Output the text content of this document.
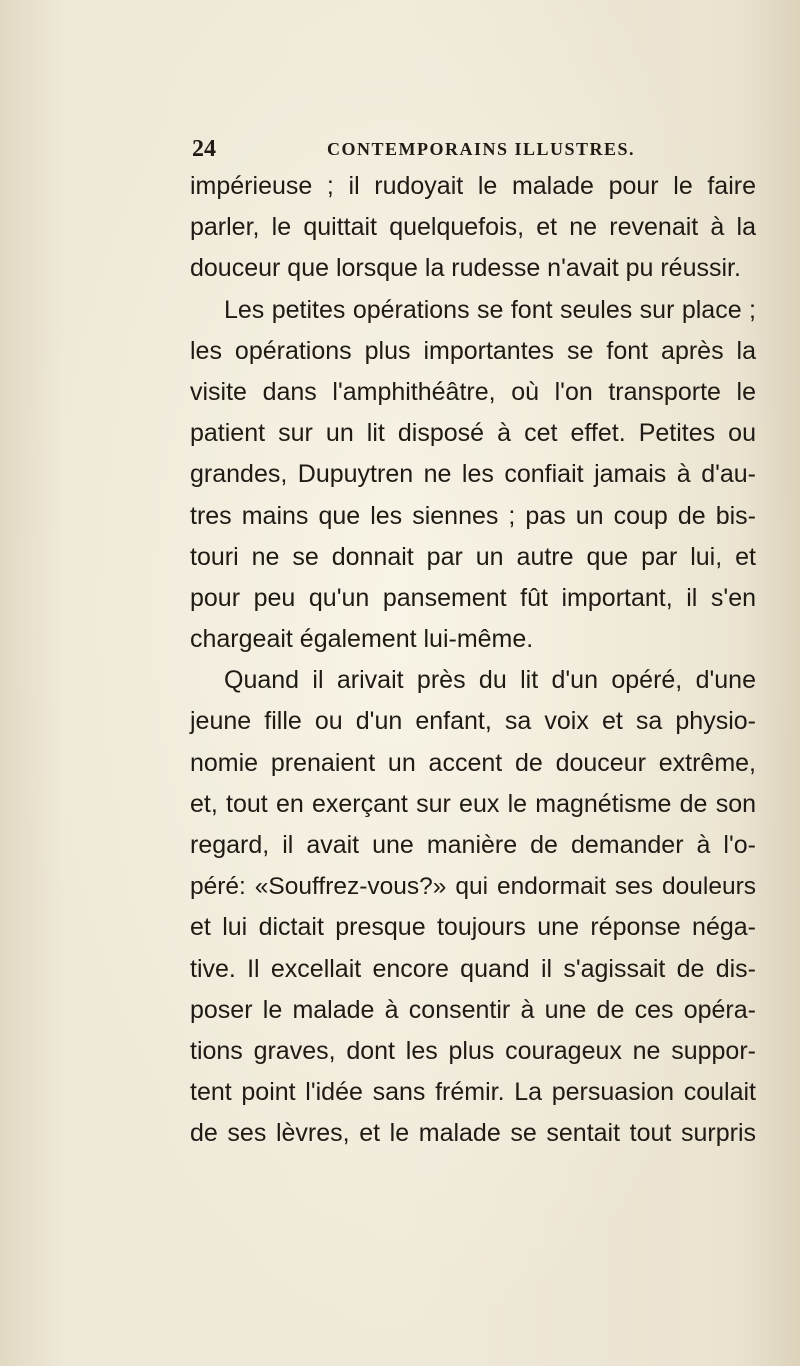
24	CONTEMPORAINS ILLUSTRES.
impérieuse ; il rudoyait le malade pour le faire
parler, le quittait quelquefois, et ne revenait à la
douceur que lorsque la rudesse n'avait pu réussir.
Les petites opérations se font seules sur place ;
les opérations plus importantes se font après la
visite dans l'amphithéâtre, où l'on transporte le
patient sur un lit disposé à cet effet. Petites ou
grandes, Dupuytren ne les confiait jamais à d'au-
tres mains que les siennes ; pas un coup de bis-
touri ne se donnait par un autre que par lui, et
pour peu qu'un pansement fût important, il s'en
chargeait également lui-même.
Quand il arivait près du lit d'un opéré, d'une
jeune fille ou d'un enfant, sa voix et sa physio-
nomie prenaient un accent de douceur extrême,
et, tout en exerçant sur eux le magnétisme de son
regard, il avait une manière de demander à l'o-
péré: «Souffrez-vous?» qui endormait ses douleurs
et lui dictait presque toujours une réponse néga-
tive. Il excellait encore quand il s'agissait de dis-
poser le malade à consentir à une de ces opéra-
tions graves, dont les plus courageux ne suppor-
tent point l'idée sans frémir. La persuasion coulait
de ses lèvres, et le malade se sentait tout surpris
